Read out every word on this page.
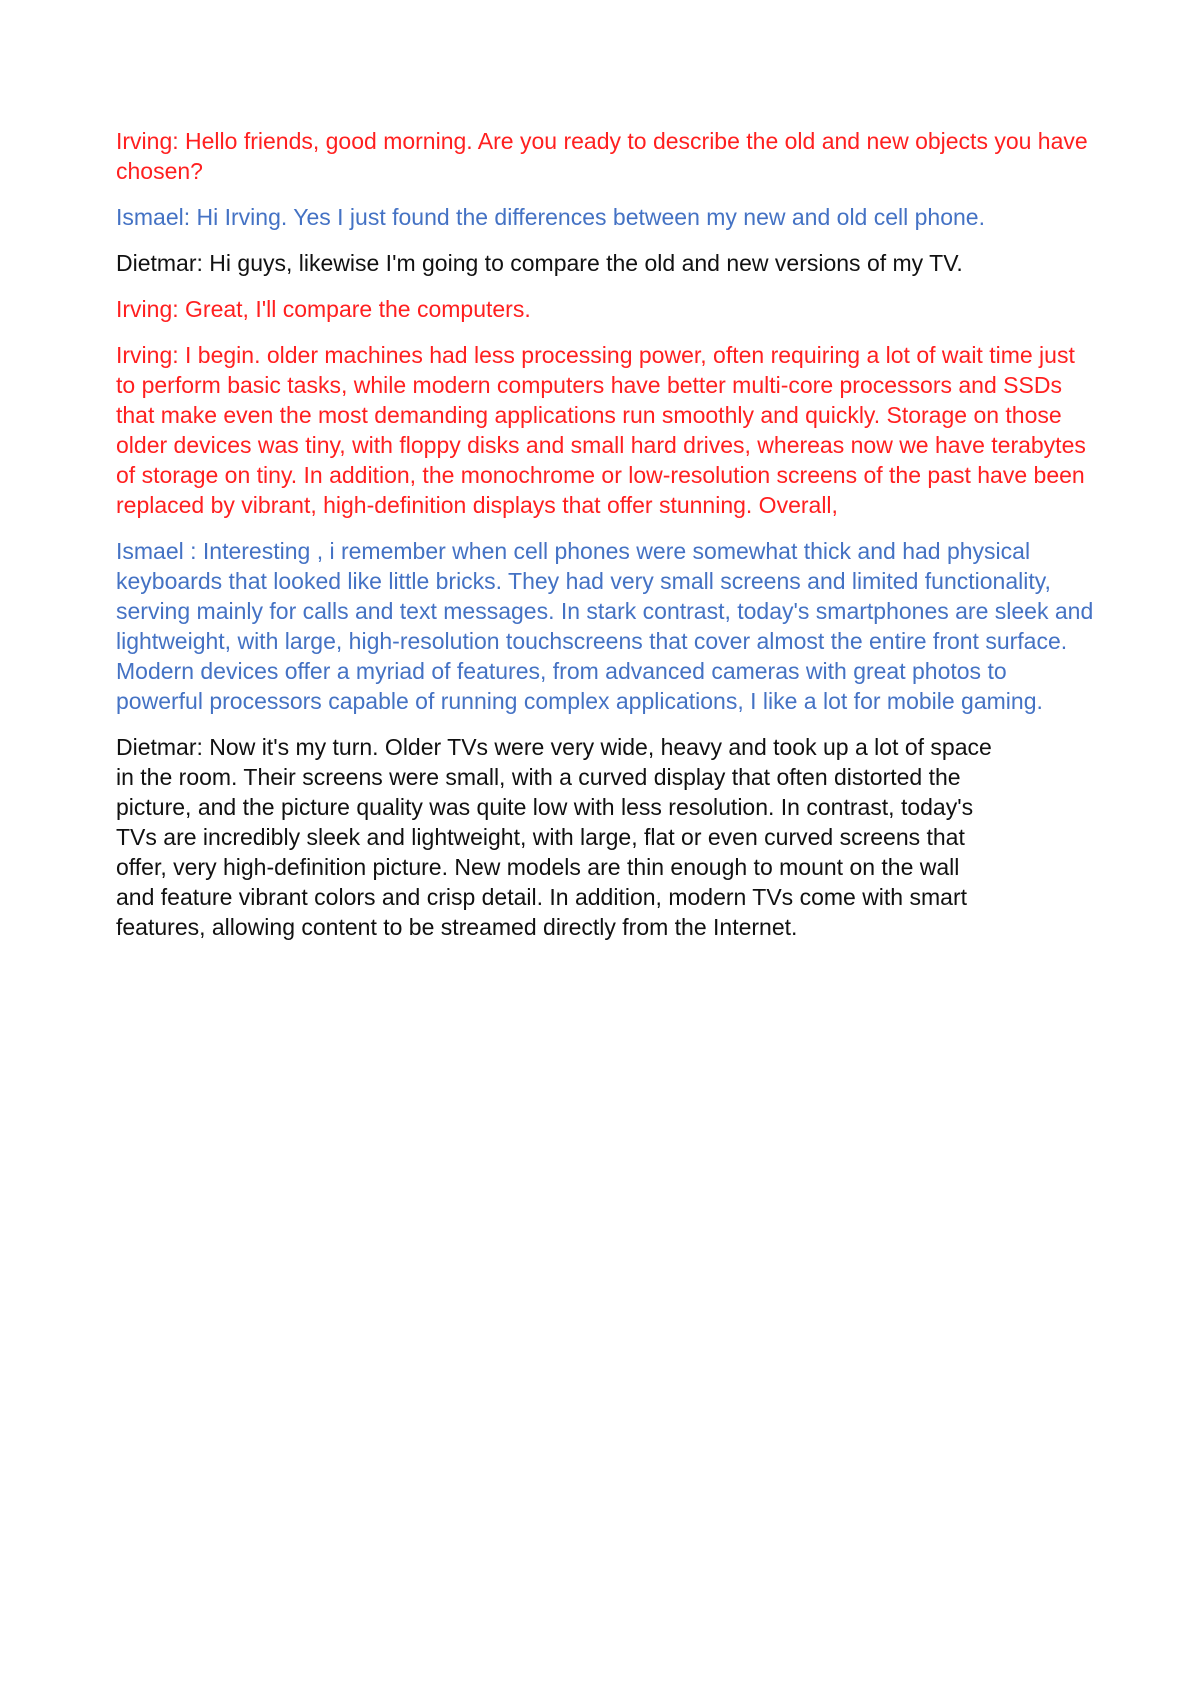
Irving: Hello friends, good morning. Are you ready to describe the old and new objects you have chosen?

Ismael: Hi Irving. Yes I just found the differences between my new and old cell phone.

Dietmar: Hi guys, likewise I'm going to compare the old and new versions of my TV.

Irving: Great, I'll compare the computers.

Irving: I begin. older machines had less processing power, often requiring a lot of wait time just to perform basic tasks, while modern computers have better multi-core processors and SSDs that make even the most demanding applications run smoothly and quickly. Storage on those older devices was tiny, with floppy disks and small hard drives, whereas now we have terabytes of storage on tiny. In addition, the monochrome or low-resolution screens of the past have been replaced by vibrant, high-definition displays that offer stunning. Overall,

Ismael : Interesting , i remember when cell phones were somewhat thick and had physical keyboards that looked like little bricks. They had very small screens and limited functionality, serving mainly for calls and text messages. In stark contrast, today's smartphones are sleek and lightweight, with large, high-resolution touchscreens that cover almost the entire front surface. Modern devices offer a myriad of features, from advanced cameras with great photos to powerful processors capable of running complex applications, I like a lot for mobile gaming.

Dietmar: Now it's my turn. Older TVs were very wide, heavy and took up a lot of space in the room. Their screens were small, with a curved display that often distorted the picture, and the picture quality was quite low with less resolution. In contrast, today's TVs are incredibly sleek and lightweight, with large, flat or even curved screens that offer, very high-definition picture. New models are thin enough to mount on the wall and feature vibrant colors and crisp detail. In addition, modern TVs come with smart features, allowing content to be streamed directly from the Internet.
